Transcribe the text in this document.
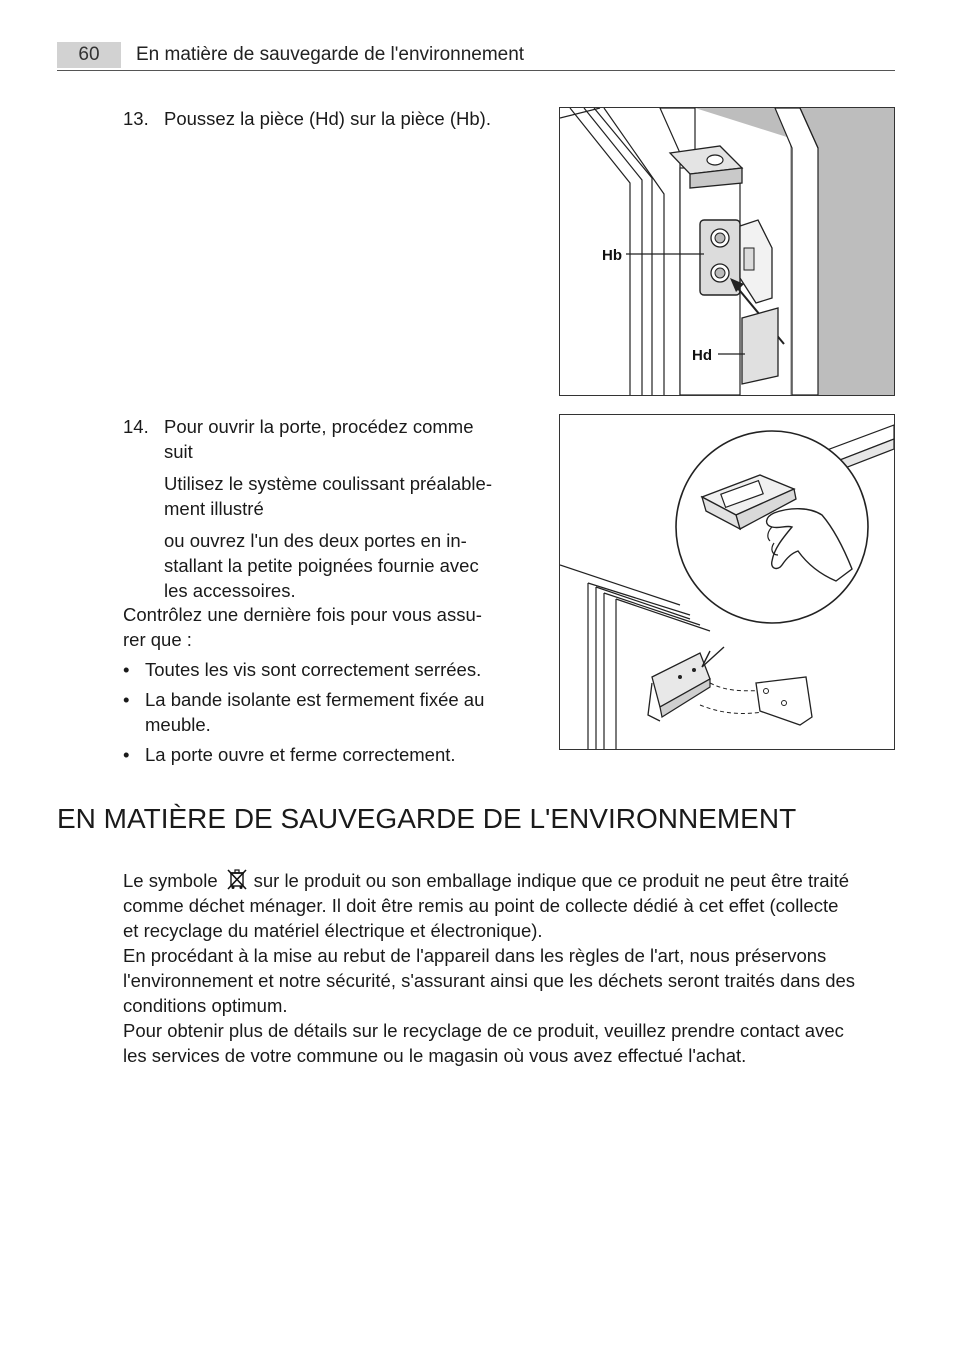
60	En matière de sauvegarde de l'environnement
13. Poussez la pièce (Hd) sur la pièce (Hb).
Hb
Hd
14. Pour ouvrir la porte, procédez comme
suit
Utilisez le système coulissant préalable-
ment illustré
ou ouvrez l'un des deux portes en in-
stallant la petite poignées fournie avec
les accessoires.
Contrôlez une dernière fois pour vous assu-
rer que :
• Toutes les vis sont correctement serrées.
• La bande isolante est fermement fixée au
meuble.
• La porte ouvre et ferme correctement.
EN MATIÈRE DE SAUVEGARDE DE L'ENVIRONNEMENT
Le symbole sur le produit ou son emballage indique que ce produit ne peut être traité
comme déchet ménager. Il doit être remis au point de collecte dédié à cet effet (collecte
et recyclage du matériel électrique et électronique).
En procédant à la mise au rebut de l'appareil dans les règles de l'art, nous préservons
l'environnement et notre sécurité, s'assurant ainsi que les déchets seront traités dans des
conditions optimum.
Pour obtenir plus de détails sur le recyclage de ce produit, veuillez prendre contact avec
les services de votre commune ou le magasin où vous avez effectué l'achat.
